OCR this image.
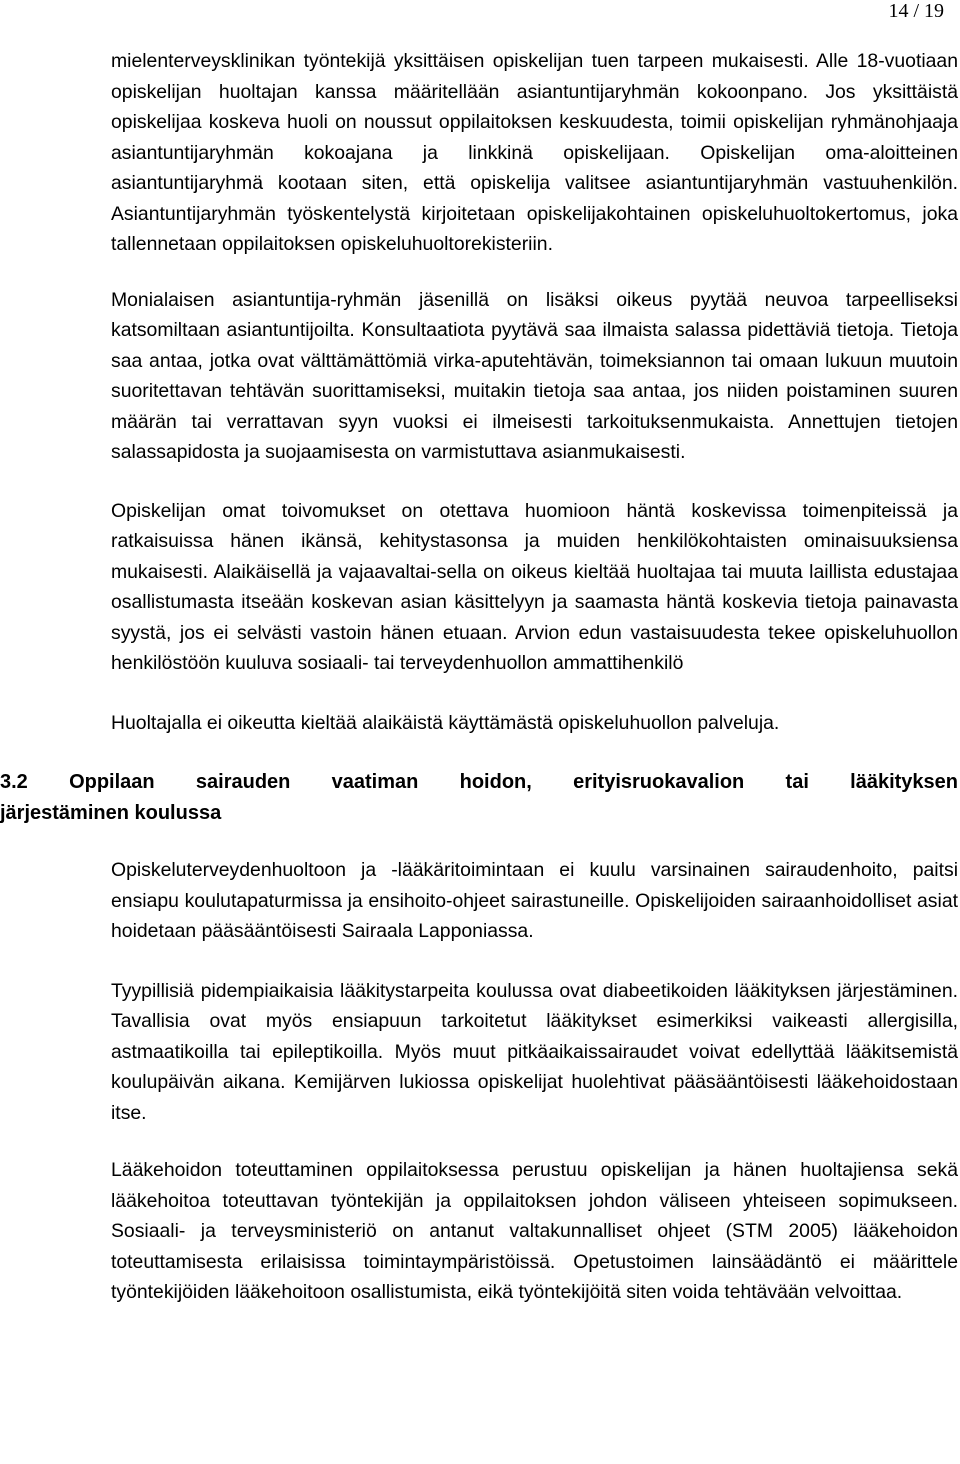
14 / 19

mielenterveysklinikan työntekijä yksittäisen opiskelijan tuen tarpeen mukaisesti. Alle 18-vuotiaan opiskelijan huoltajan kanssa määritellään asiantuntijaryhmän kokoonpano. Jos yksittäistä opiskelijaa koskeva huoli on noussut oppilaitoksen keskuudesta, toimii opiskelijan ryhmänohjaaja asiantuntijaryhmän kokoajana ja linkkinä opiskelijaan. Opiskelijan oma-aloitteinen asiantuntijaryhmä kootaan siten, että opiskelija valitsee asiantuntijaryhmän vastuuhenkilön. Asiantuntijaryhmän työskentelystä kirjoitetaan opiskelijakohtainen opiskeluhuoltokertomus, joka tallennetaan oppilaitoksen opiskeluhuoltorekisteriin.

Monialaisen asiantuntija-ryhmän jäsenillä on lisäksi oikeus pyytää neuvoa tarpeelliseksi katsomiltaan asiantuntijoilta. Konsultaatiota pyytävä saa ilmaista salassa pidettäviä tietoja. Tietoja saa antaa, jotka ovat välttämättömiä virka-aputehtävän, toimeksiannon tai omaan lukuun muutoin suoritettavan tehtävän suorittamiseksi, muitakin tietoja saa antaa, jos niiden poistaminen suuren määrän tai verrattavan syyn vuoksi ei ilmeisesti tarkoituksenmukaista. Annettujen tietojen salassapidosta ja suojaamisesta on varmistuttava asianmukaisesti.

Opiskelijan omat toivomukset on otettava huomioon häntä koskevissa toimenpiteissä ja ratkaisuissa hänen ikänsä, kehitystasonsa ja muiden henkilökohtaisten ominaisuuksiensa mukaisesti. Alaikäisellä ja vajaavaltai-sella on oikeus kieltää huoltajaa tai muuta laillista edustajaa osallistumasta itseään koskevan asian käsittelyyn ja saamasta häntä koskevia tietoja painavasta syystä, jos ei selvästi vastoin hänen etuaan. Arvion edun vastaisuudesta tekee opiskeluhuollon henkilöstöön kuuluva sosiaali- tai terveydenhuollon ammattihenkilö

Huoltajalla ei oikeutta kieltää alaikäistä käyttämästä opiskeluhuollon palveluja.

3.2 Oppilaan sairauden vaatiman hoidon, erityisruokavalion tai lääkityksen
järjestäminen koulussa

Opiskeluterveydenhuoltoon ja -lääkäritoimintaan ei kuulu varsinainen sairaudenhoito, paitsi ensiapu koulutapaturmissa ja ensihoito-ohjeet sairastuneille. Opiskelijoiden sairaanhoidolliset asiat hoidetaan pääsääntöisesti Sairaala Lapponiassa.

Tyypillisiä pidempiaikaisia lääkitystarpeita koulussa ovat diabeetikoiden lääkityksen järjestäminen. Tavallisia ovat myös ensiapuun tarkoitetut lääkitykset esimerkiksi vaikeasti allergisilla, astmaatikoilla tai epileptikoilla. Myös muut pitkäaikaissairaudet voivat edellyttää lääkitsemistä koulupäivän aikana. Kemijärven lukiossa opiskelijat huolehtivat pääsääntöisesti lääkehoidostaan itse.

Lääkehoidon toteuttaminen oppilaitoksessa perustuu opiskelijan ja hänen huoltajiensa sekä lääkehoitoa toteuttavan työntekijän ja oppilaitoksen johdon väliseen yhteiseen sopimukseen. Sosiaali- ja terveysministeriö on antanut valtakunnalliset ohjeet (STM 2005) lääkehoidon toteuttamisesta erilaisissa toimintaympäristöissä. Opetustoimen lainsäädäntö ei määrittele työntekijöiden lääkehoitoon osallistumista, eikä työntekijöitä siten voida tehtävään velvoittaa.
